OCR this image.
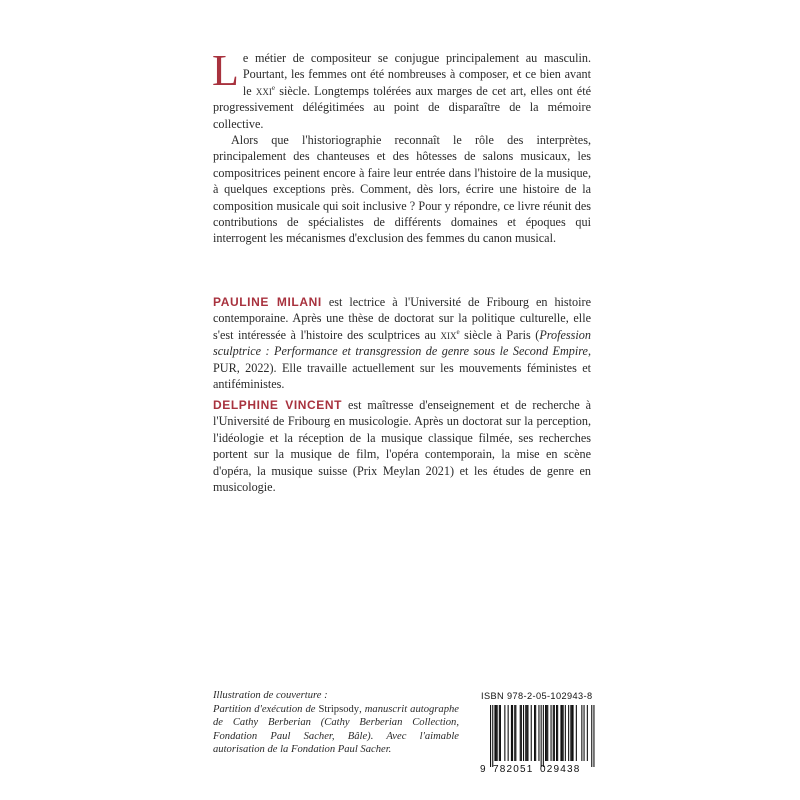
Le métier de compositeur se conjugue principalement au masculin. Pourtant, les femmes ont été nombreuses à composer, et ce bien avant le xxi$^e$ siècle. Longtemps tolérées aux marges de cet art, elles ont été progressivement délégitimées au point de disparaître de la mémoire collective.

Alors que l'historiographie reconnaît le rôle des interprètes, principalement des chanteuses et des hôtesses de salons musicaux, les compositrices peinent encore à faire leur entrée dans l'histoire de la musique, à quelques exceptions près. Comment, dès lors, écrire une histoire de la composition musicale qui soit inclusive ? Pour y répondre, ce livre réunit des contributions de spécialistes de différents domaines et époques qui interrogent les mécanismes d'exclusion des femmes du canon musical.

PAULINE MILANI est lectrice à l'Université de Fribourg en histoire contemporaine. Après une thèse de doctorat sur la politique culturelle, elle s'est intéressée à l'histoire des sculptrices au xix$^e$ siècle à Paris (Profession sculptrice : Performance et transgression de genre sous le Second Empire, PUR, 2022). Elle travaille actuellement sur les mouvements féministes et antiféministes.

DELPHINE VINCENT est maîtresse d'enseignement et de recherche à l'Université de Fribourg en musicologie. Après un doctorat sur la perception, l'idéologie et la réception de la musique classique filmée, ses recherches portent sur la musique de film, l'opéra contemporain, la mise en scène d'opéra, la musique suisse (Prix Meylan 2021) et les études de genre en musicologie.

Illustration de couverture :
Partition d'exécution de Stripsody, manuscrit autographe de Cathy Berberian (Cathy Berberian Collection, Fondation Paul Sacher, Bâle). Avec l'aimable autorisation de la Fondation Paul Sacher.

ISBN 978-2-05-102943-8
9 782051 029438
